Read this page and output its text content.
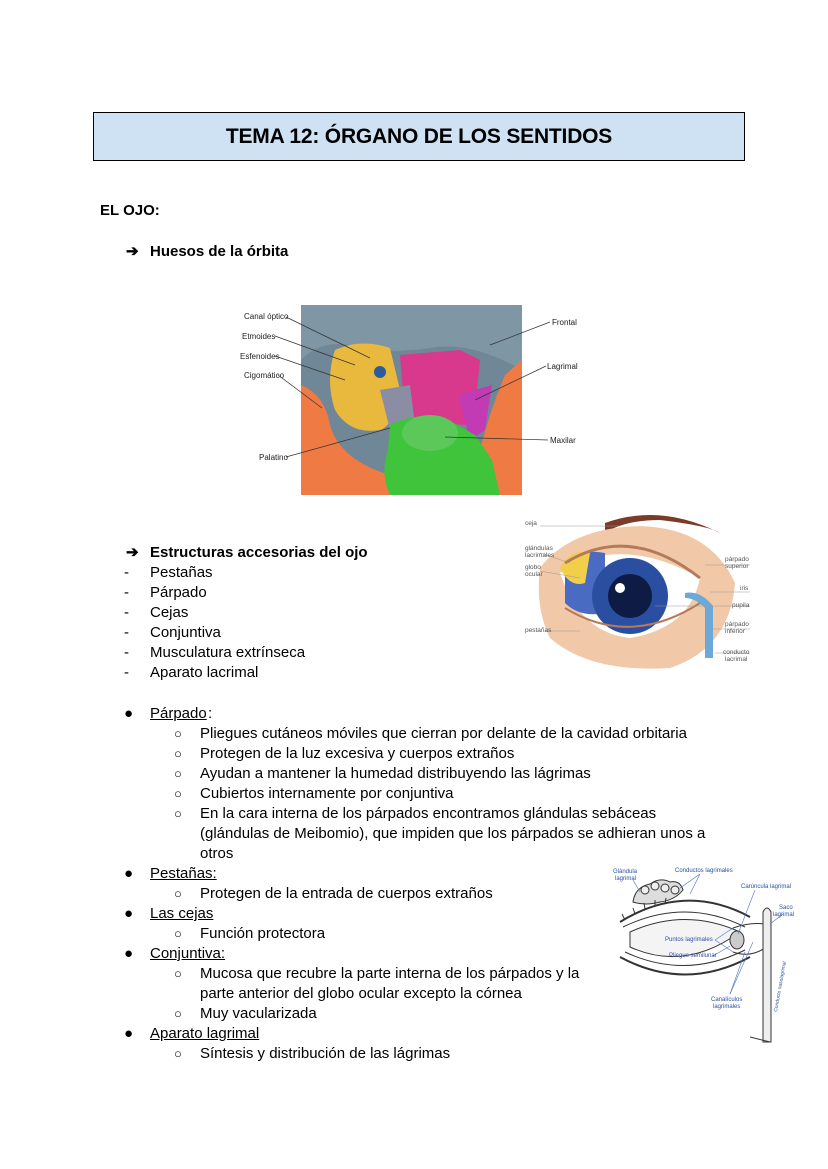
TEMA 12: ÓRGANO DE LOS SENTIDOS
EL OJO:
➔ Huesos de la órbita
Canal óptico
Etmoides
Esfenoides
Cigomático
Palatino
Frontal
Lagrimal
Maxilar
ceja
glándulas
lacrimales
globo
ocular
pestañas
párpado
superior
iris
pupila
párpado
inferior
conducto
lacrimal
➔ Estructuras accesorias del ojo
- Pestañas
- Párpado
- Cejas
- Conjuntiva
- Musculatura extrínseca
- Aparato lacrimal
● Párpado :
○ Pliegues cutáneos móviles que cierran por delante de la cavidad orbitaria
○ Protegen de la luz excesiva y cuerpos extraños
○ Ayudan a mantener la humedad distribuyendo las lágrimas
○ Cubiertos internamente por conjuntiva
○ En la cara interna de los párpados encontramos glándulas sebáceas (glándulas de Meibomio), que impiden que los párpados se adhieran unos a otros
● Pestañas:
○ Protegen de la entrada de cuerpos extraños
● Las cejas
○ Función protectora
● Conjuntiva:
○ Mucosa que recubre la parte interna de los párpados y la parte anterior del globo ocular excepto la córnea
○ Muy vacularizada
● Aparato lagrimal
○ Síntesis y distribución de las lágrimas
Glándula
lagrimal
Conductos lagrimales
Carúncula lagrimal
Saco
lagrimal
Puntos lagrimales
Pliegue semilunar
Canalículos
lagrimales	Conducto nasolagrimal
